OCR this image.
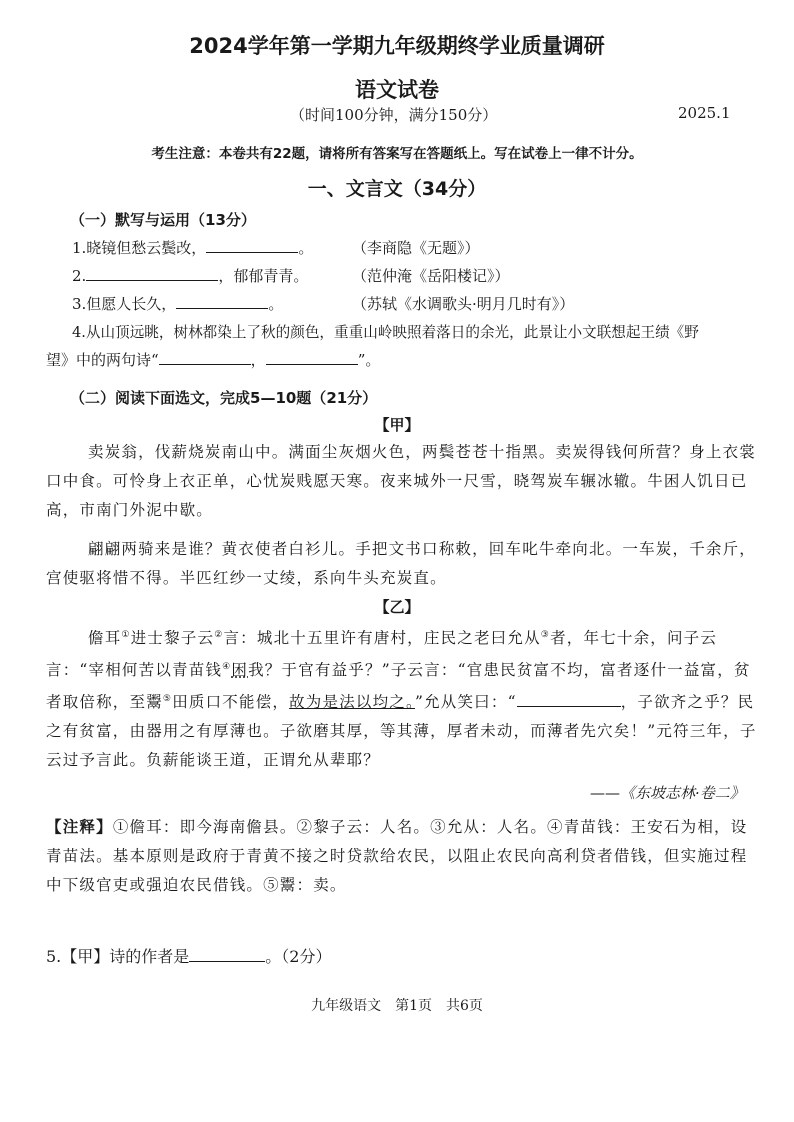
2024学年第一学期九年级期终学业质量调研
语文试卷
（时间100分钟，满分150分）	2025.1
考生注意：本卷共有22题，请将所有答案写在答题纸上。写在试卷上一律不计分。
一、文言文（34分）
（一）默写与运用（13分）
1.晓镜但愁云鬓改，	。	（李商隐《无题》）
2.	，郁郁青青。	（范仲淹《岳阳楼记》）
3.但愿人长久，	。	（苏轼《水调歌头·明月几时有》）
4.从山顶远眺，树林都染上了秋的颜色，重重山岭映照着落日的余光，此景让小文联想起王绩《野
望》中的两句诗“	，	”。
（二）阅读下面选文，完成5—10题（21分）
【甲】
卖炭翁，伐薪烧炭南山中。满面尘灰烟火色，两鬓苍苍十指黑。卖炭得钱何所营？身上衣裳口中食。可怜身上衣正单，心忧炭贱愿天寒。夜来城外一尺雪，晓驾炭车辗冰辙。牛困人饥日已高，市南门外泥中歇。
翩翩两骑来是谁？黄衣使者白衫儿。手把文书口称敕，回车叱牛牵向北。一车炭，千余斤，宫使驱将惜不得。半匹红纱一丈绫，系向牛头充炭直。
【乙】
儋耳①进士黎子云②言：城北十五里许有唐村，庄民之老曰允从③者，年七十余，问子云言：“宰相何苦以青苗钱④困我？于官有益乎？”子云言：“官患民贫富不均，富者逐什一益富，贫者取倍称，至鬻⑤田质口不能偿，故为是法以均之。”允从笑曰：“	，子欲齐之乎？民之有贫富，由器用之有厚薄也。子欲磨其厚，等其薄，厚者未动，而薄者先穴矣！”元符三年，子云过予言此。负薪能谈王道，正谓允从辈耶？
——《东坡志林·卷二》
【注释】①儋耳：即今海南儋县。②黎子云：人名。③允从：人名。④青苗钱：王安石为相，设青苗法。基本原则是政府于青黄不接之时贷款给农民，以阻止农民向高利贷者借钱，但实施过程中下级官吏或强迫农民借钱。⑤鬻：卖。
5.【甲】诗的作者是	。（2分）
九年级语文　第1页　共6页
